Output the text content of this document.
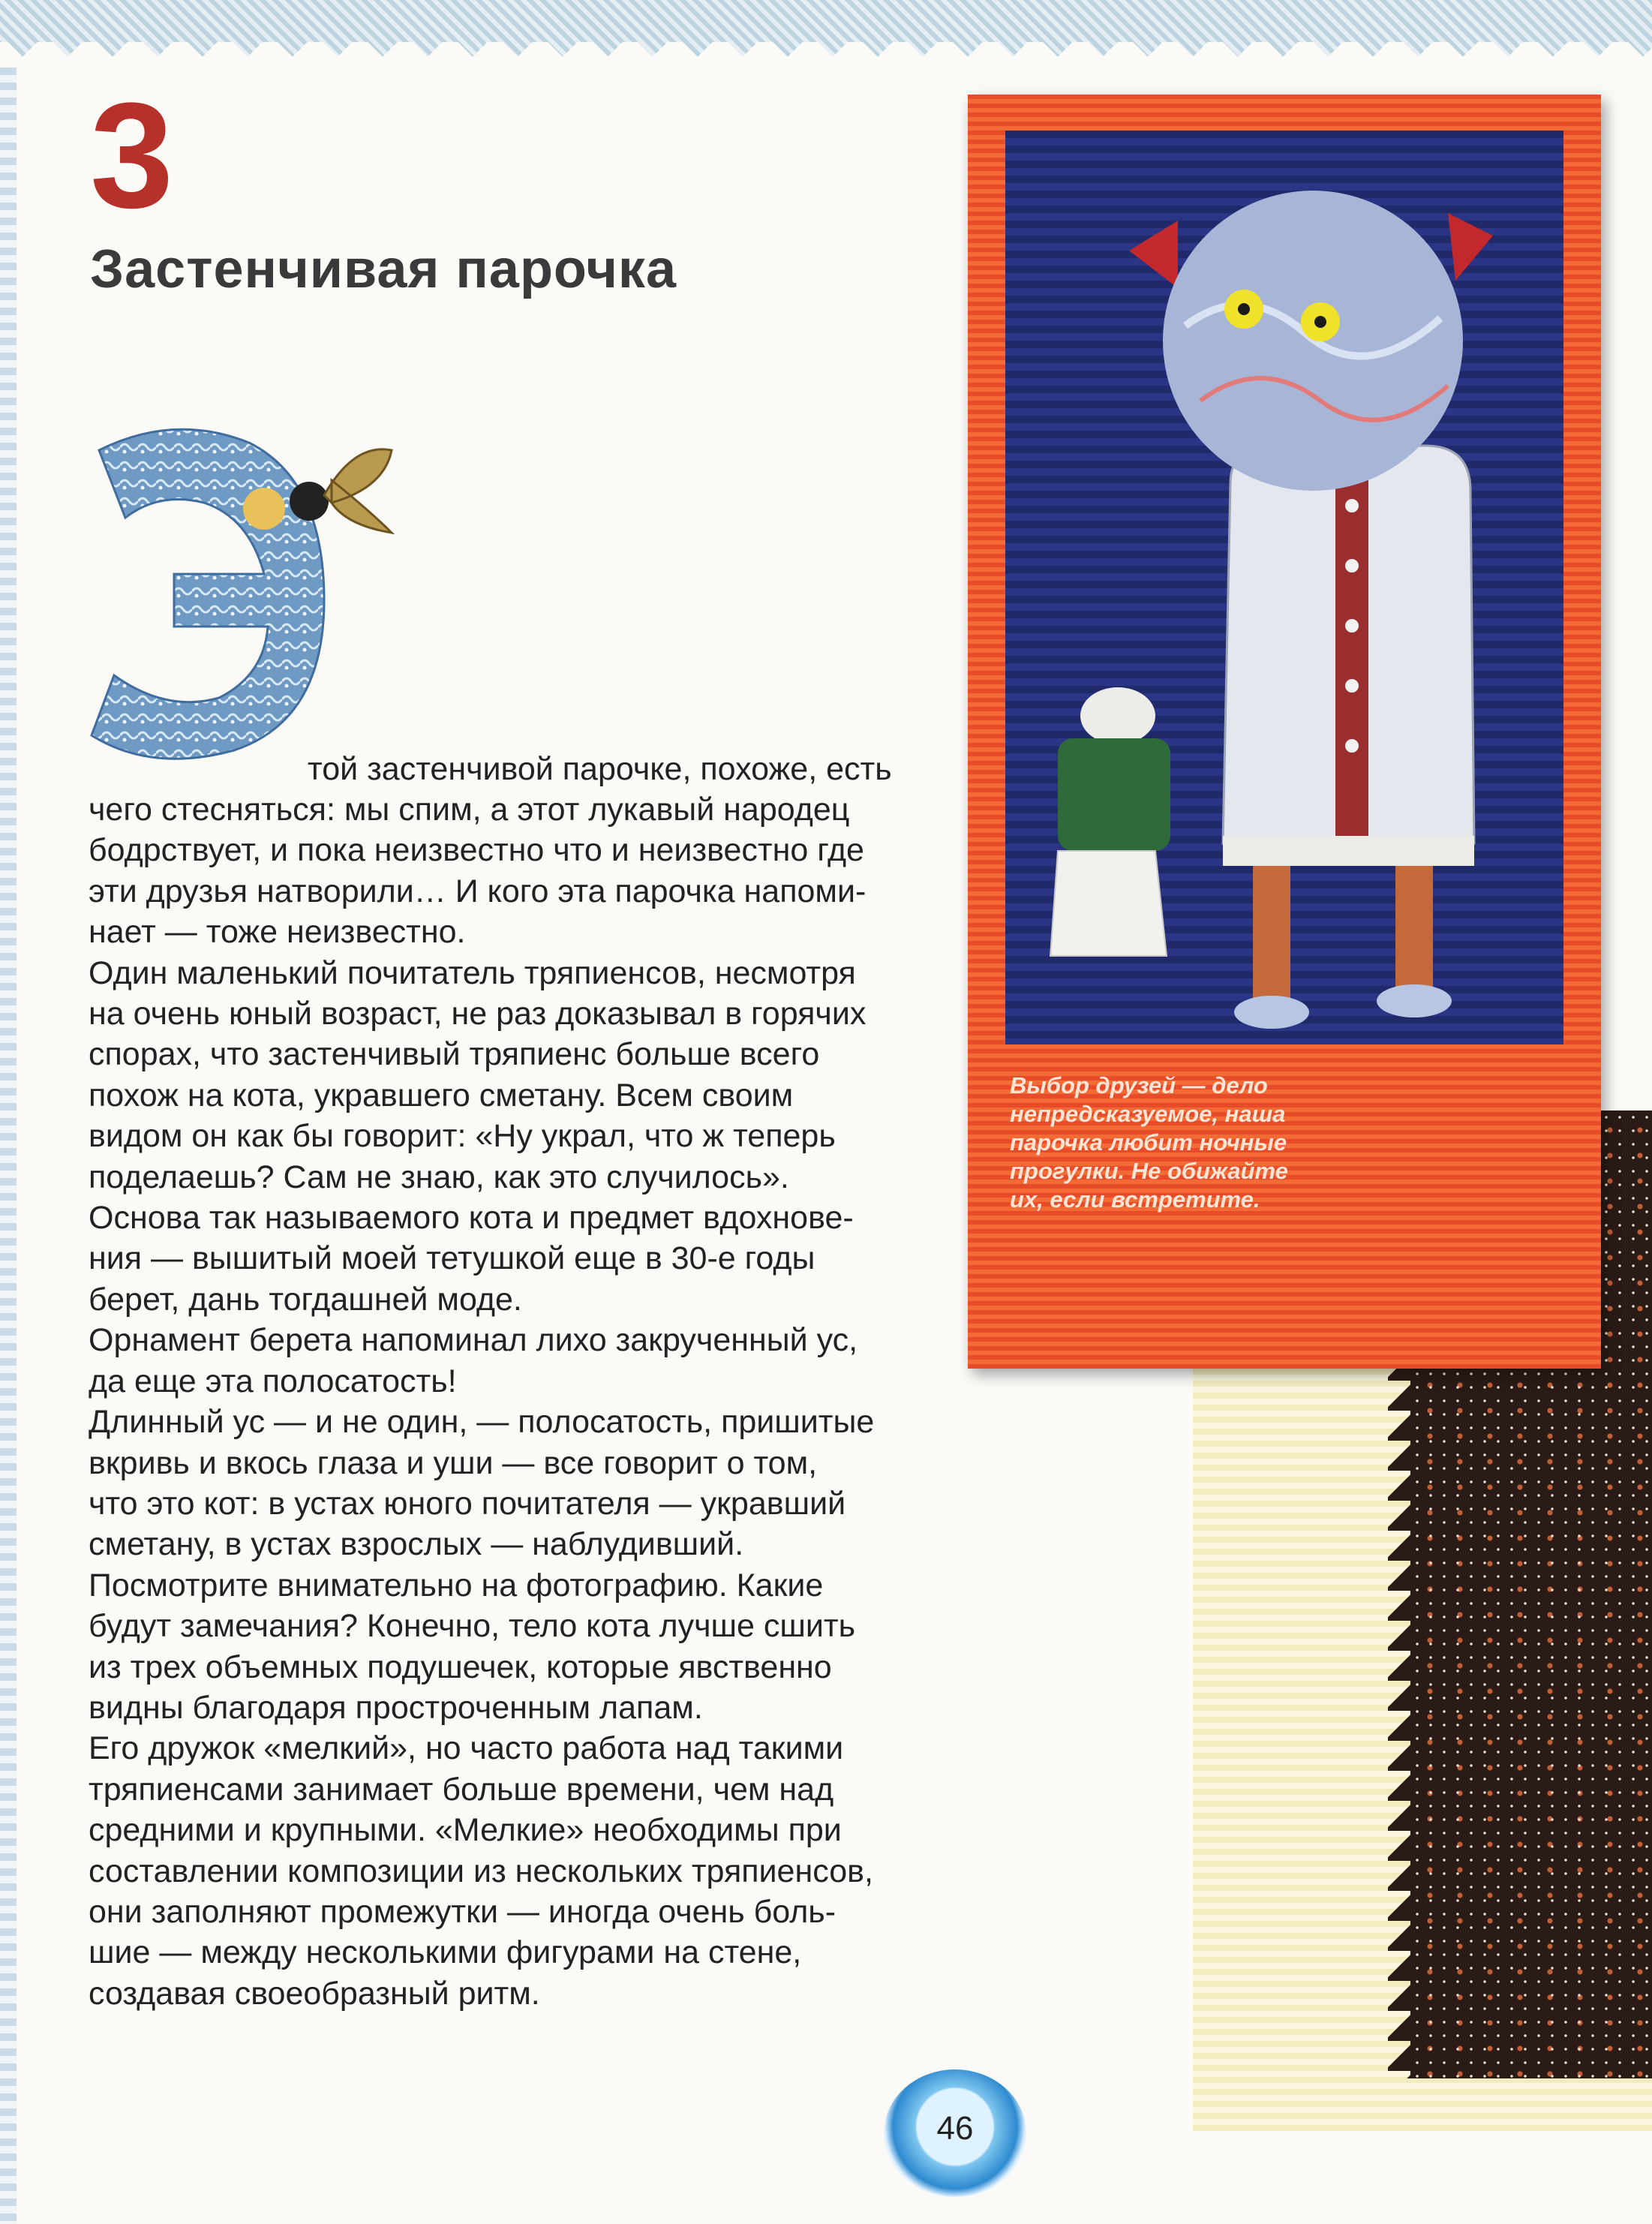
3
Застенчивая парочка
той застенчивой парочке, похоже, есть

чего стесняться: мы спим, а этот лукавый народец

бодрствует, и пока неизвестно что и неизвестно где

эти друзья натворили… И кого эта парочка напоми-

нает — тоже неизвестно.

Один маленький почитатель тряпиенсов, несмотря

на очень юный возраст, не раз доказывал в горячих

спорах, что застенчивый тряпиенс больше всего

похож на кота, укравшего сметану. Всем своим

видом он как бы говорит: «Ну украл, что ж теперь

поделаешь? Сам не знаю, как это случилось».

Основа так называемого кота и предмет вдохнове-

ния — вышитый моей тетушкой еще в 30-е годы

берет, дань тогдашней моде.

Орнамент берета напоминал лихо закрученный ус,

да еще эта полосатость!

Длинный ус — и не один, — полосатость, пришитые

вкривь и вкось глаза и уши — все говорит о том,

что это кот: в устах юного почитателя — укравший

сметану, в устах взрослых — наблудивший.

Посмотрите внимательно на фотографию. Какие

будут замечания? Конечно, тело кота лучше сшить

из трех объемных подушечек, которые явственно

видны благодаря простроченным лапам.

Его дружок «мелкий», но часто работа над такими

тряпиенсами занимает больше времени, чем над

средними и крупными. «Мелкие» необходимы при

составлении композиции из нескольких тряпиенсов,

они заполняют промежутки — иногда очень боль-

шие — между несколькими фигурами на стене,

создавая своеобразный ритм.

Выбор друзей — дело
непредсказуемое, наша
парочка любит ночные
прогулки. Не обижайте
их, если встретите.
46
